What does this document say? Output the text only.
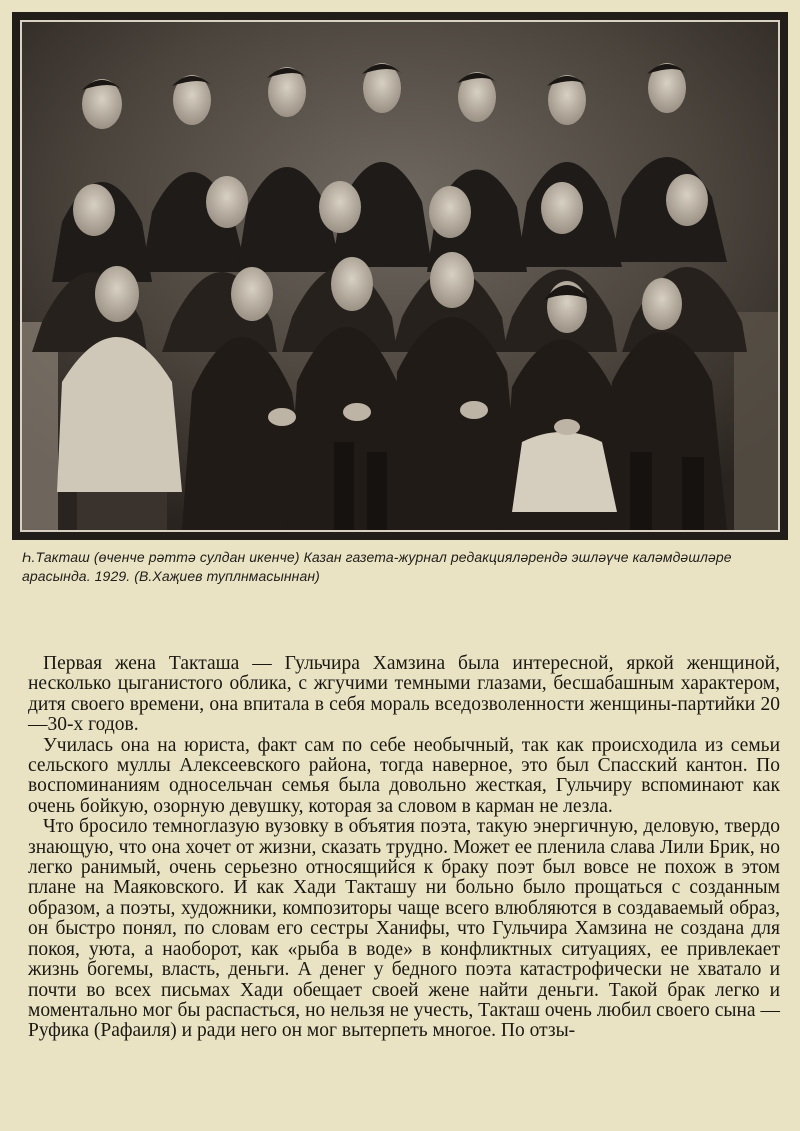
Һ.Такташ (өченче рәттә сулдан икенче) Казан газета-журнал редакцияләрендә эшләүче каләмдәшләре арасында. 1929. (В.Хаҗиев туплнмасыннан)

Первая жена Такташа — Гульчира Хамзина была интересной, яркой женщиной, несколько цыганистого облика, с жгучими темными глазами, бесшабашным характером, дитя своего времени, она впитала в себя мораль вседозволенности женщины-партийки 20—30-х годов.

Училась она на юриста, факт сам по себе необычный, так как происходила из семьи сельского муллы Алексеевского района, тогда наверное, это был Спасский кантон. По воспоминаниям односельчан семья была довольно жесткая, Гульчиру вспоминают как очень бойкую, озорную девушку, которая за словом в карман не лезла.

Что бросило темноглазую вузовку в объятия поэта, такую энергичную, деловую, твердо знающую, что она хочет от жизни, сказать трудно. Может ее пленила слава Лили Брик, но легко ранимый, очень серьезно относящийся к браку поэт был вовсе не похож в этом плане на Маяковского. И как Хади Такташу ни больно было прощаться с созданным образом, а поэты, художники, композиторы чаще всего влюбляются в создаваемый образ, он быстро понял, по словам его сестры Ханифы, что Гульчира Хамзина не создана для покоя, уюта, а наоборот, как «рыба в воде» в конфликтных ситуациях, ее привлекает жизнь богемы, власть, деньги. А денег у бедного поэта катастрофически не хватало и почти во всех письмах Хади обещает своей жене найти деньги. Такой брак легко и моментально мог бы распасться, но нельзя не учесть, Такташ очень любил своего сына — Руфика (Рафаиля) и ради него он мог вытерпеть многое. По отзы-
